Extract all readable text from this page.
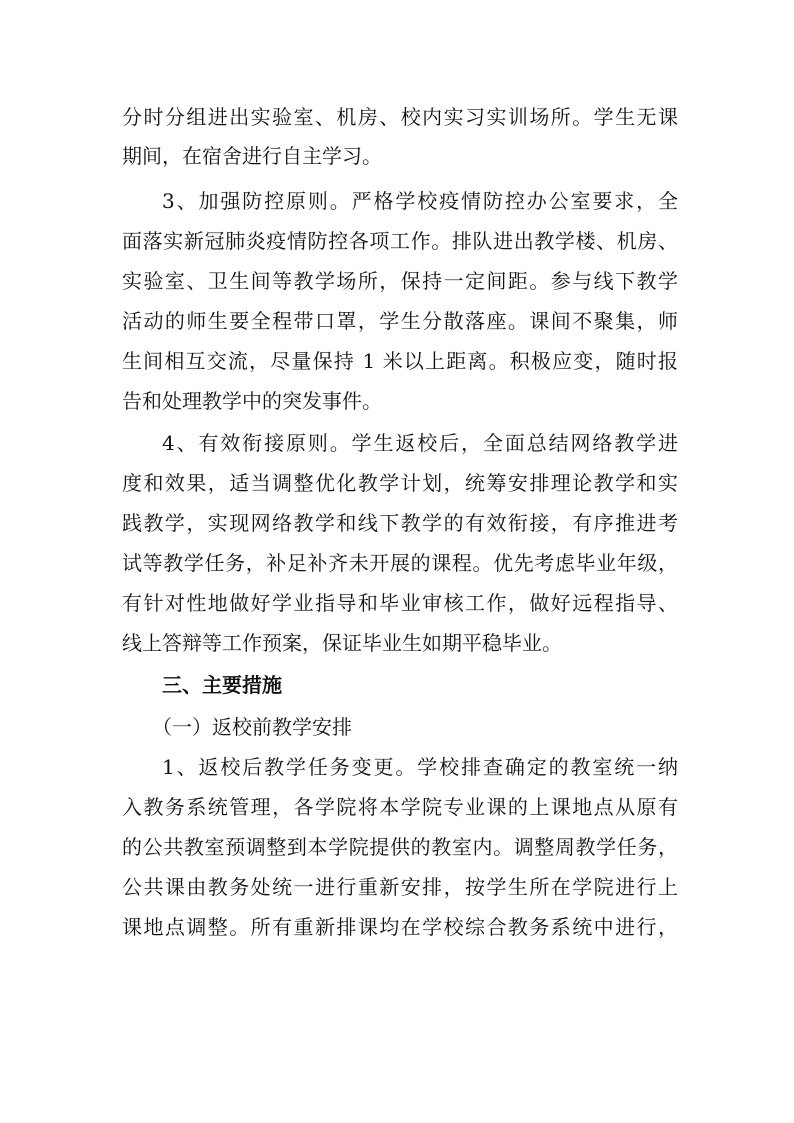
分时分组进出实验室、机房、校内实习实训场所。学生无课
期间，在宿舍进行自主学习。
3、加强防控原则。严格学校疫情防控办公室要求，全
面落实新冠肺炎疫情防控各项工作。排队进出教学楼、机房、
实验室、卫生间等教学场所，保持一定间距。参与线下教学
活动的师生要全程带口罩，学生分散落座。课间不聚集，师
生间相互交流，尽量保持 1 米以上距离。积极应变，随时报
告和处理教学中的突发事件。
4、有效衔接原则。学生返校后，全面总结网络教学进
度和效果，适当调整优化教学计划，统筹安排理论教学和实
践教学，实现网络教学和线下教学的有效衔接，有序推进考
试等教学任务，补足补齐未开展的课程。优先考虑毕业年级，
有针对性地做好学业指导和毕业审核工作，做好远程指导、
线上答辩等工作预案，保证毕业生如期平稳毕业。
三、主要措施
（一）返校前教学安排
1、返校后教学任务变更。学校排查确定的教室统一纳
入教务系统管理，各学院将本学院专业课的上课地点从原有
的公共教室预调整到本学院提供的教室内。调整周教学任务，
公共课由教务处统一进行重新安排，按学生所在学院进行上
课地点调整。所有重新排课均在学校综合教务系统中进行，
